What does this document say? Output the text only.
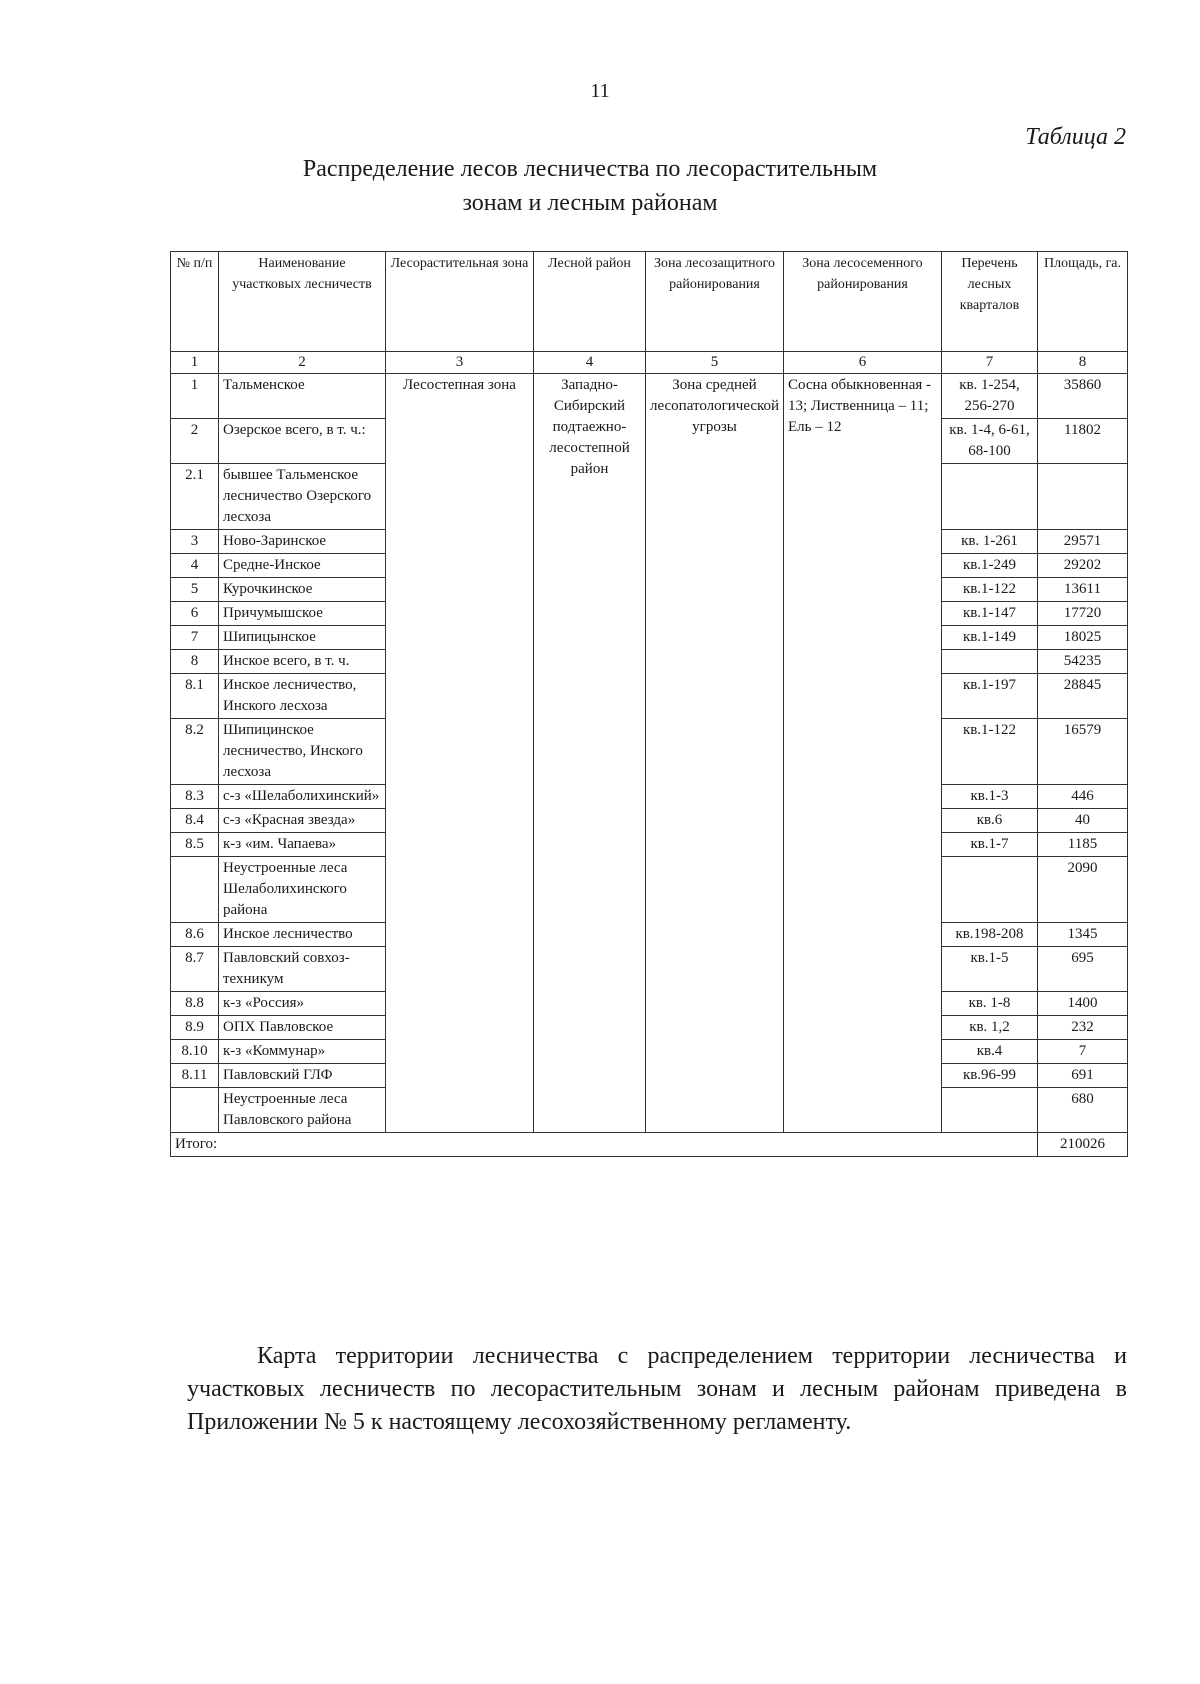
11
Таблица 2
Распределение лесов лесничества по лесорастительным
зонам и лесным районам
№ п/п	Наименование участковых лесничеств	Лесорастительная зона	Лесной район	Зона лесозащитного районирования	Зона лесосеменного районирования	Перечень лесных кварталов	Площадь, га.
1	2	3	4	5	6	7	8
1	Тальменское	Лесостепная зона	Западно-Сибирский подтаежно-лесостепной район	Зона средней лесопатологической угрозы	Сосна обыкновенная - 13; Лиственница – 11; Ель – 12	кв. 1-254, 256-270	35860
2	Озерское всего, в т. ч.:					кв. 1-4, 6-61, 68-100	11802
2.1	бывшее Тальменское лесничество Озерского лесхоза						
3	Ново-Заринское					кв. 1-261	29571
4	Средне-Инское					кв.1-249	29202
5	Курочкинское					кв.1-122	13611
6	Причумышское					кв.1-147	17720
7	Шипицынское					кв.1-149	18025
8	Инское всего, в т. ч.						54235
8.1	Инское лесничество, Инского лесхоза					кв.1-197	28845
8.2	Шипицинское лесничество, Инского лесхоза					кв.1-122	16579
8.3	с-з «Шелаболихинский»					кв.1-3	446
8.4	с-з «Красная звезда»					кв.6	40
8.5	к-з «им. Чапаева»					кв.1-7	1185
	Неустроенные леса Шелаболихинского района						2090
8.6	Инское лесничество					кв.198-208	1345
8.7	Павловский совхоз-техникум					кв.1-5	695
8.8	к-з «Россия»					кв. 1-8	1400
8.9	ОПХ Павловское					кв. 1,2	232
8.10	к-з «Коммунар»					кв.4	7
8.11	Павловский ГЛФ					кв.96-99	691
	Неустроенные леса Павловского района						680
Итого:							210026
Карта территории лесничества с распределением территории лесничества и участковых лесничеств по лесорастительным зонам и лесным районам приведена в Приложении № 5 к настоящему лесохозяйственному регламенту.
